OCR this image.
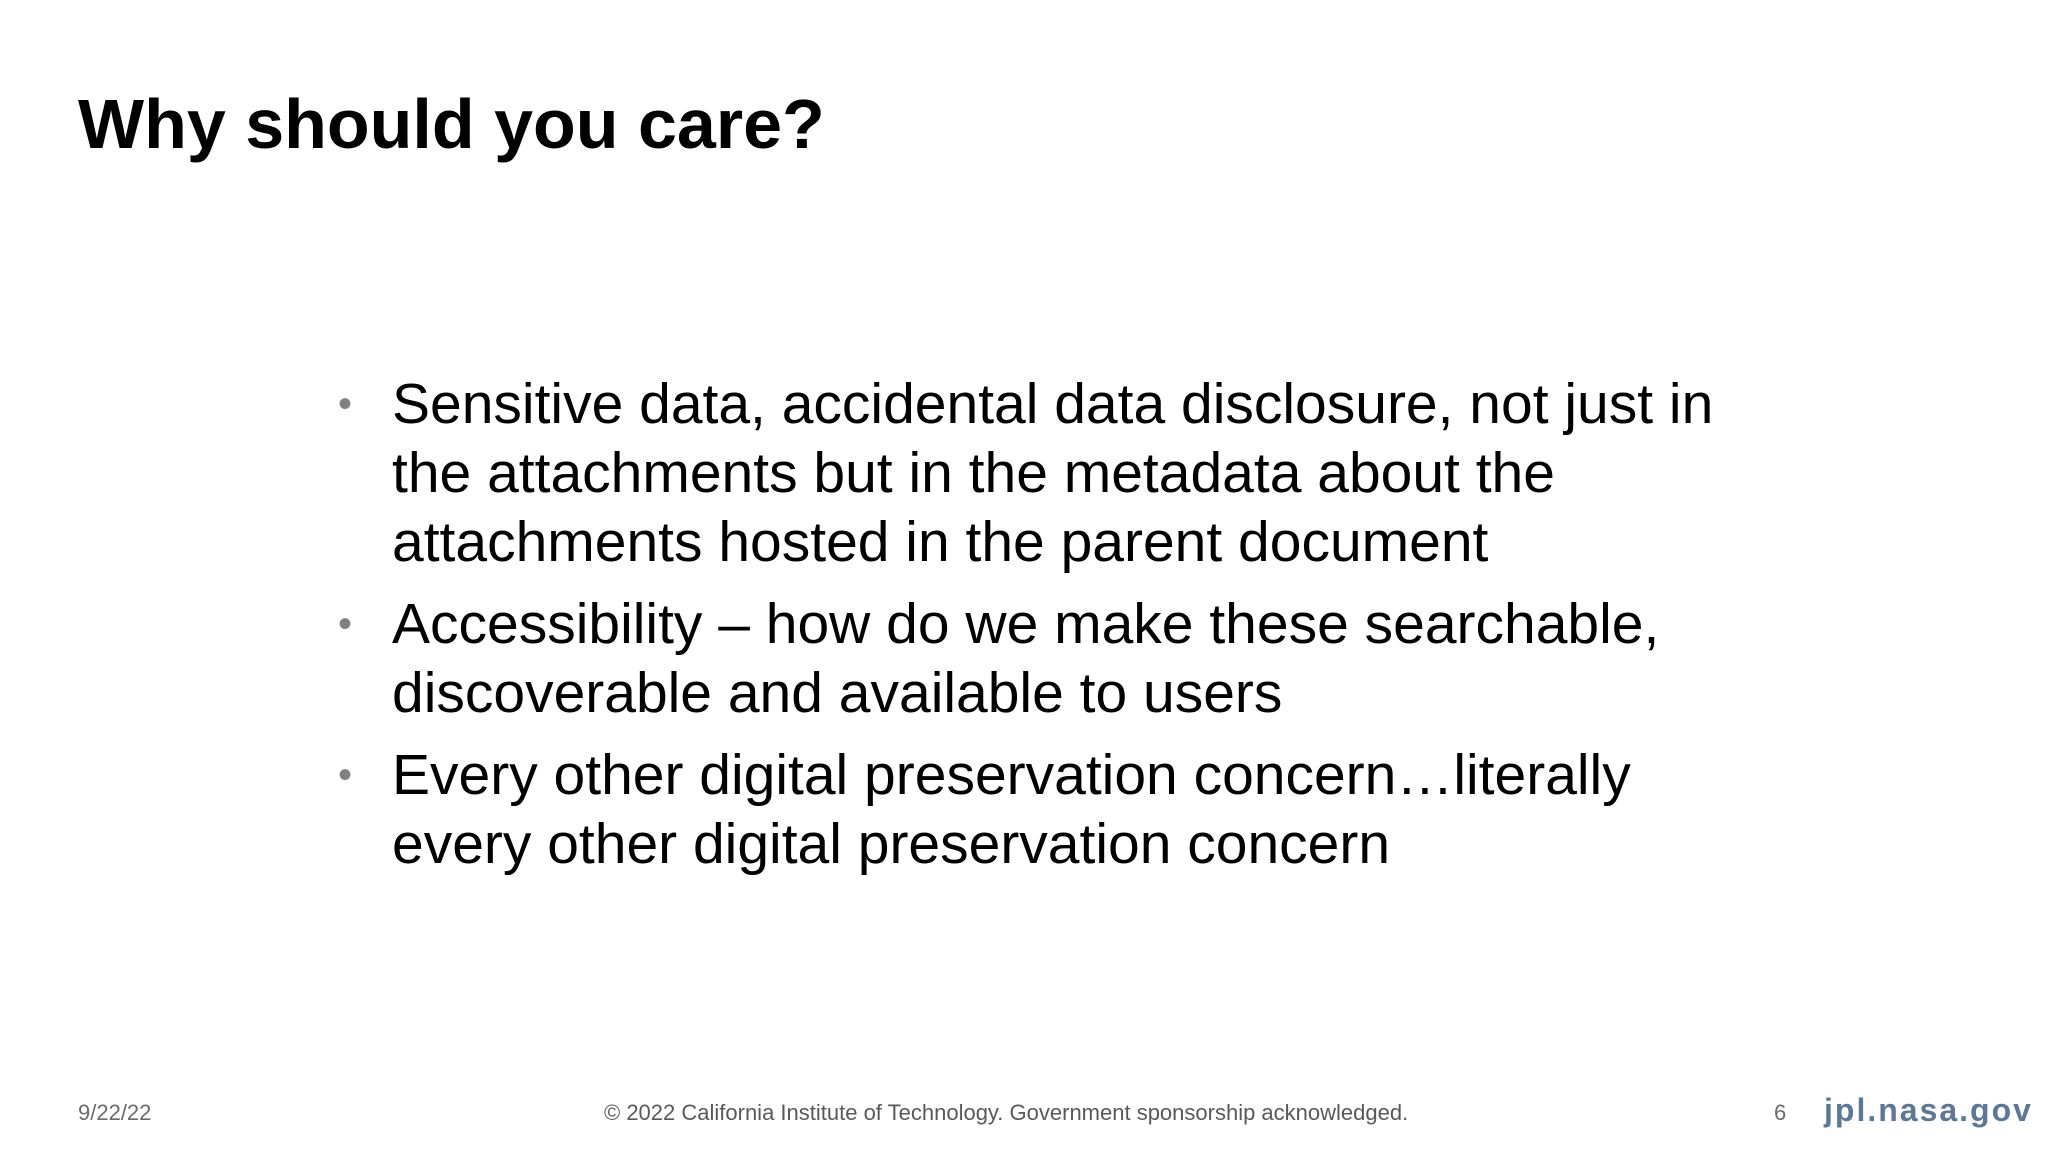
Why should you care?
• Sensitive data, accidental data disclosure, not just in the attachments but in the metadata about the attachments hosted in the parent document
• Accessibility – how do we make these searchable, discoverable and available to users
• Every other digital preservation concern…literally every other digital preservation concern
9/22/22	© 2022 California Institute of Technology. Government sponsorship acknowledged.	6 jpl.nasa.gov
